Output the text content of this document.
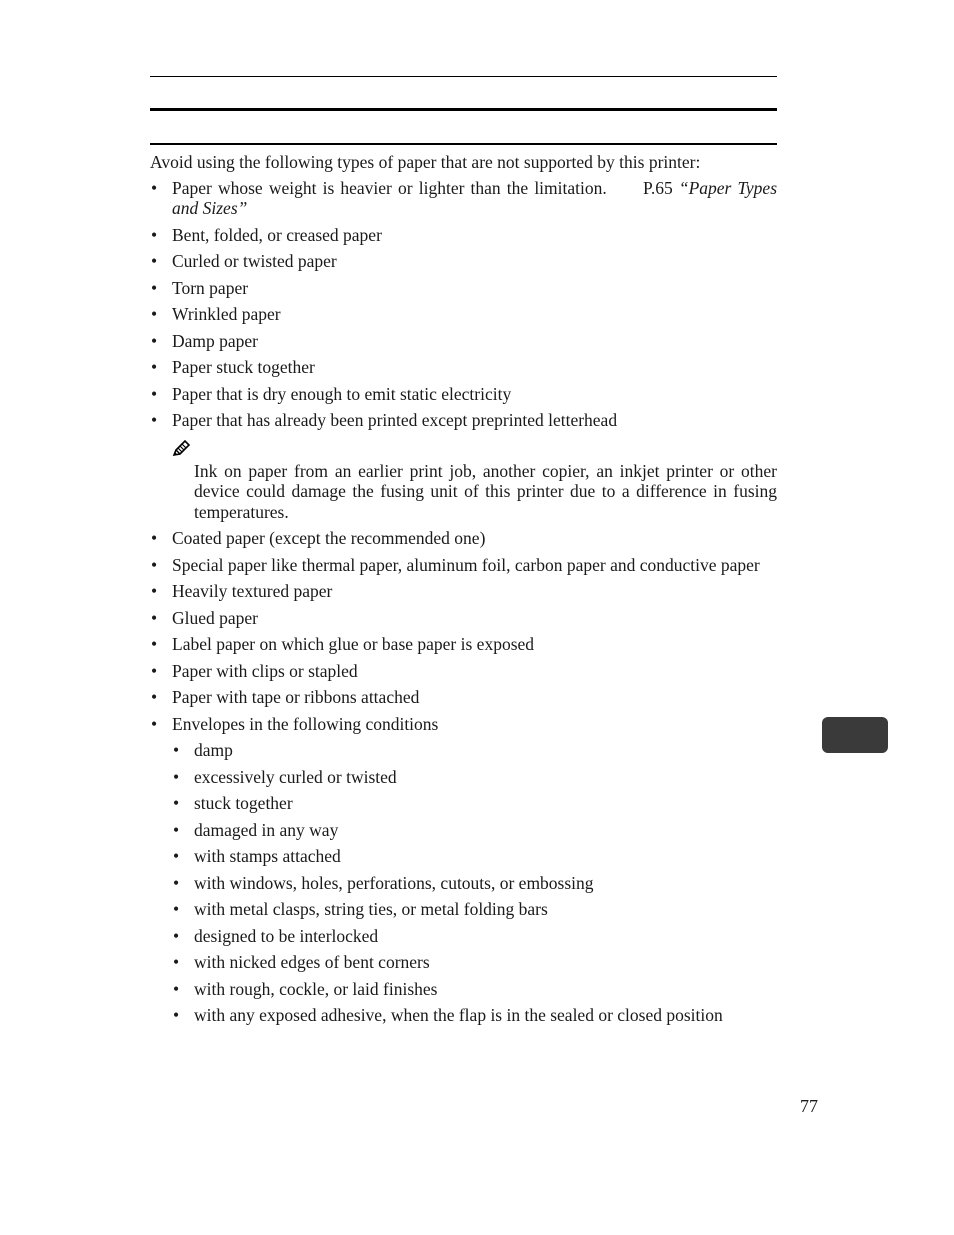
Avoid using the following types of paper that are not supported by this printer:

• Paper whose weight is heavier or lighter than the limitation. P.65 “Paper Types and Sizes”
• Bent, folded, or creased paper
• Curled or twisted paper
• Torn paper
• Wrinkled paper
• Damp paper
• Paper stuck together
• Paper that is dry enough to emit static electricity
• Paper that has already been printed except preprinted letterhead

Ink on paper from an earlier print job, another copier, an inkjet printer or other device could damage the fusing unit of this printer due to a difference in fusing temperatures.

• Coated paper (except the recommended one)
• Special paper like thermal paper, aluminum foil, carbon paper and conductive paper
• Heavily textured paper
• Glued paper
• Label paper on which glue or base paper is exposed
• Paper with clips or stapled
• Paper with tape or ribbons attached
• Envelopes in the following conditions
• damp
• excessively curled or twisted
• stuck together
• damaged in any way
• with stamps attached
• with windows, holes, perforations, cutouts, or embossing
• with metal clasps, string ties, or metal folding bars
• designed to be interlocked
• with nicked edges of bent corners
• with rough, cockle, or laid finishes
• with any exposed adhesive, when the flap is in the sealed or closed position
77
